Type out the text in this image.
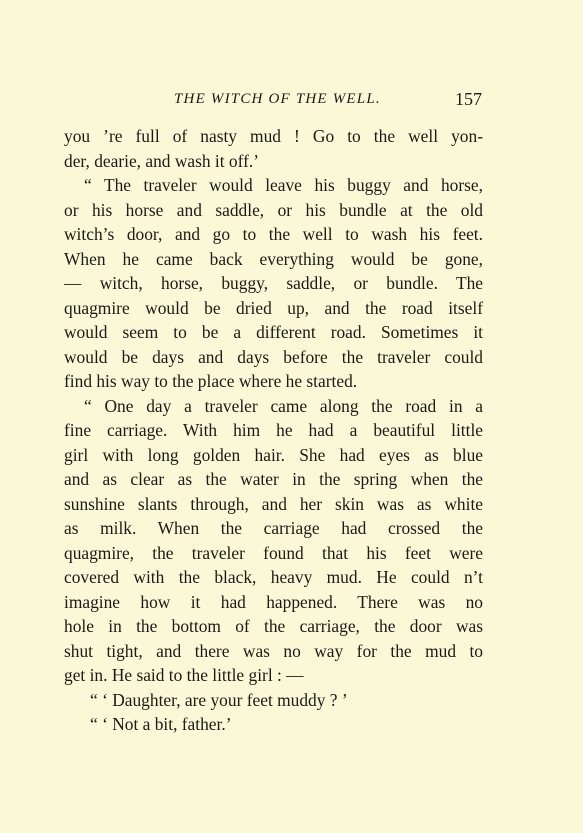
THE WITCH OF THE WELL.	157
you ’re full of nasty mud ! Go to the well yon-
der, dearie, and wash it off.’
“ The traveler would leave his buggy and horse,
or his horse and saddle, or his bundle at the old
witch’s door, and go to the well to wash his feet.
When he came back everything would be gone,
— witch, horse, buggy, saddle, or bundle. The
quagmire would be dried up, and the road itself
would seem to be a different road. Sometimes it
would be days and days before the traveler could
find his way to the place where he started.
“ One day a traveler came along the road in a
fine carriage. With him he had a beautiful little
girl with long golden hair. She had eyes as blue
and as clear as the water in the spring when the
sunshine slants through, and her skin was as white
as milk. When the carriage had crossed the
quagmire, the traveler found that his feet were
covered with the black, heavy mud. He could n’t
imagine how it had happened. There was no
hole in the bottom of the carriage, the door was
shut tight, and there was no way for the mud to
get in. He said to the little girl : —
“ ‘ Daughter, are your feet muddy ? ’
“ ‘ Not a bit, father.’
